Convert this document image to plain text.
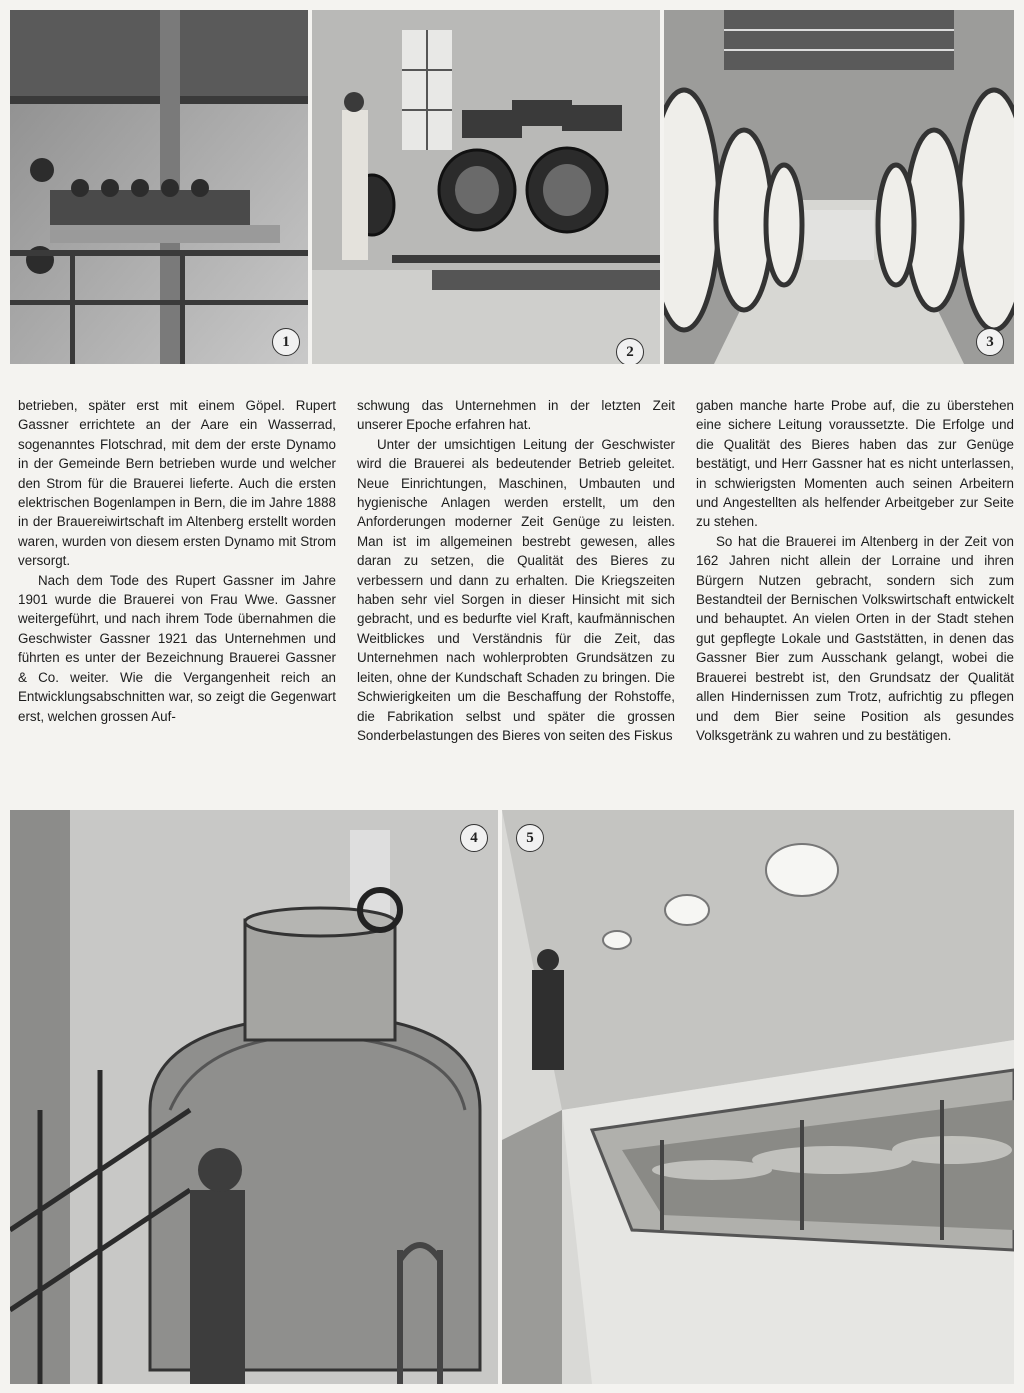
1
2
3

betrieben, später erst mit einem Göpel. Rupert Gassner errichtete an der Aare ein Wasserrad, sogenanntes Flotschrad, mit dem der erste Dynamo in der Gemeinde Bern betrieben wurde und welcher den Strom für die Brauerei lieferte. Auch die ersten elektrischen Bogenlampen in Bern, die im Jahre 1888 in der Brauereiwirtschaft im Altenberg erstellt worden waren, wurden von diesem ersten Dynamo mit Strom versorgt.

Nach dem Tode des Rupert Gassner im Jahre 1901 wurde die Brauerei von Frau Wwe. Gassner weitergeführt, und nach ihrem Tode übernahmen die Geschwister Gassner 1921 das Unternehmen und führten es unter der Bezeichnung Brauerei Gassner & Co. weiter. Wie die Vergangenheit reich an Entwicklungsabschnitten war, so zeigt die Gegenwart erst, welchen grossen Auf-

schwung das Unternehmen in der letzten Zeit unserer Epoche erfahren hat.

Unter der umsichtigen Leitung der Geschwister wird die Brauerei als bedeutender Betrieb geleitet. Neue Einrichtungen, Maschinen, Umbauten und hygienische Anlagen werden erstellt, um den Anforderungen moderner Zeit Genüge zu leisten. Man ist im allgemeinen bestrebt gewesen, alles daran zu setzen, die Qualität des Bieres zu verbessern und dann zu erhalten. Die Kriegszeiten haben sehr viel Sorgen in dieser Hinsicht mit sich gebracht, und es bedurfte viel Kraft, kaufmännischen Weitblickes und Verständnis für die Zeit, das Unternehmen nach wohlerprobten Grundsätzen zu leiten, ohne der Kundschaft Schaden zu bringen. Die Schwierigkeiten um die Beschaffung der Rohstoffe, die Fabrikation selbst und später die grossen Sonderbelastungen des Bieres von seiten des Fiskus

gaben manche harte Probe auf, die zu überstehen eine sichere Leitung voraussetzte. Die Erfolge und die Qualität des Bieres haben das zur Genüge bestätigt, und Herr Gassner hat es nicht unterlassen, in schwierigsten Momenten auch seinen Arbeitern und Angestellten als helfender Arbeitgeber zur Seite zu stehen.

So hat die Brauerei im Altenberg in der Zeit von 162 Jahren nicht allein der Lorraine und ihren Bürgern Nutzen gebracht, sondern sich zum Bestandteil der Bernischen Volkswirtschaft entwickelt und behauptet. An vielen Orten in der Stadt stehen gut gepflegte Lokale und Gaststätten, in denen das Gassner Bier zum Ausschank gelangt, wobei die Brauerei bestrebt ist, den Grundsatz der Qualität allen Hindernissen zum Trotz, aufrichtig zu pflegen und dem Bier seine Position als gesundes Volksgetränk zu wahren und zu bestätigen.

4	5
